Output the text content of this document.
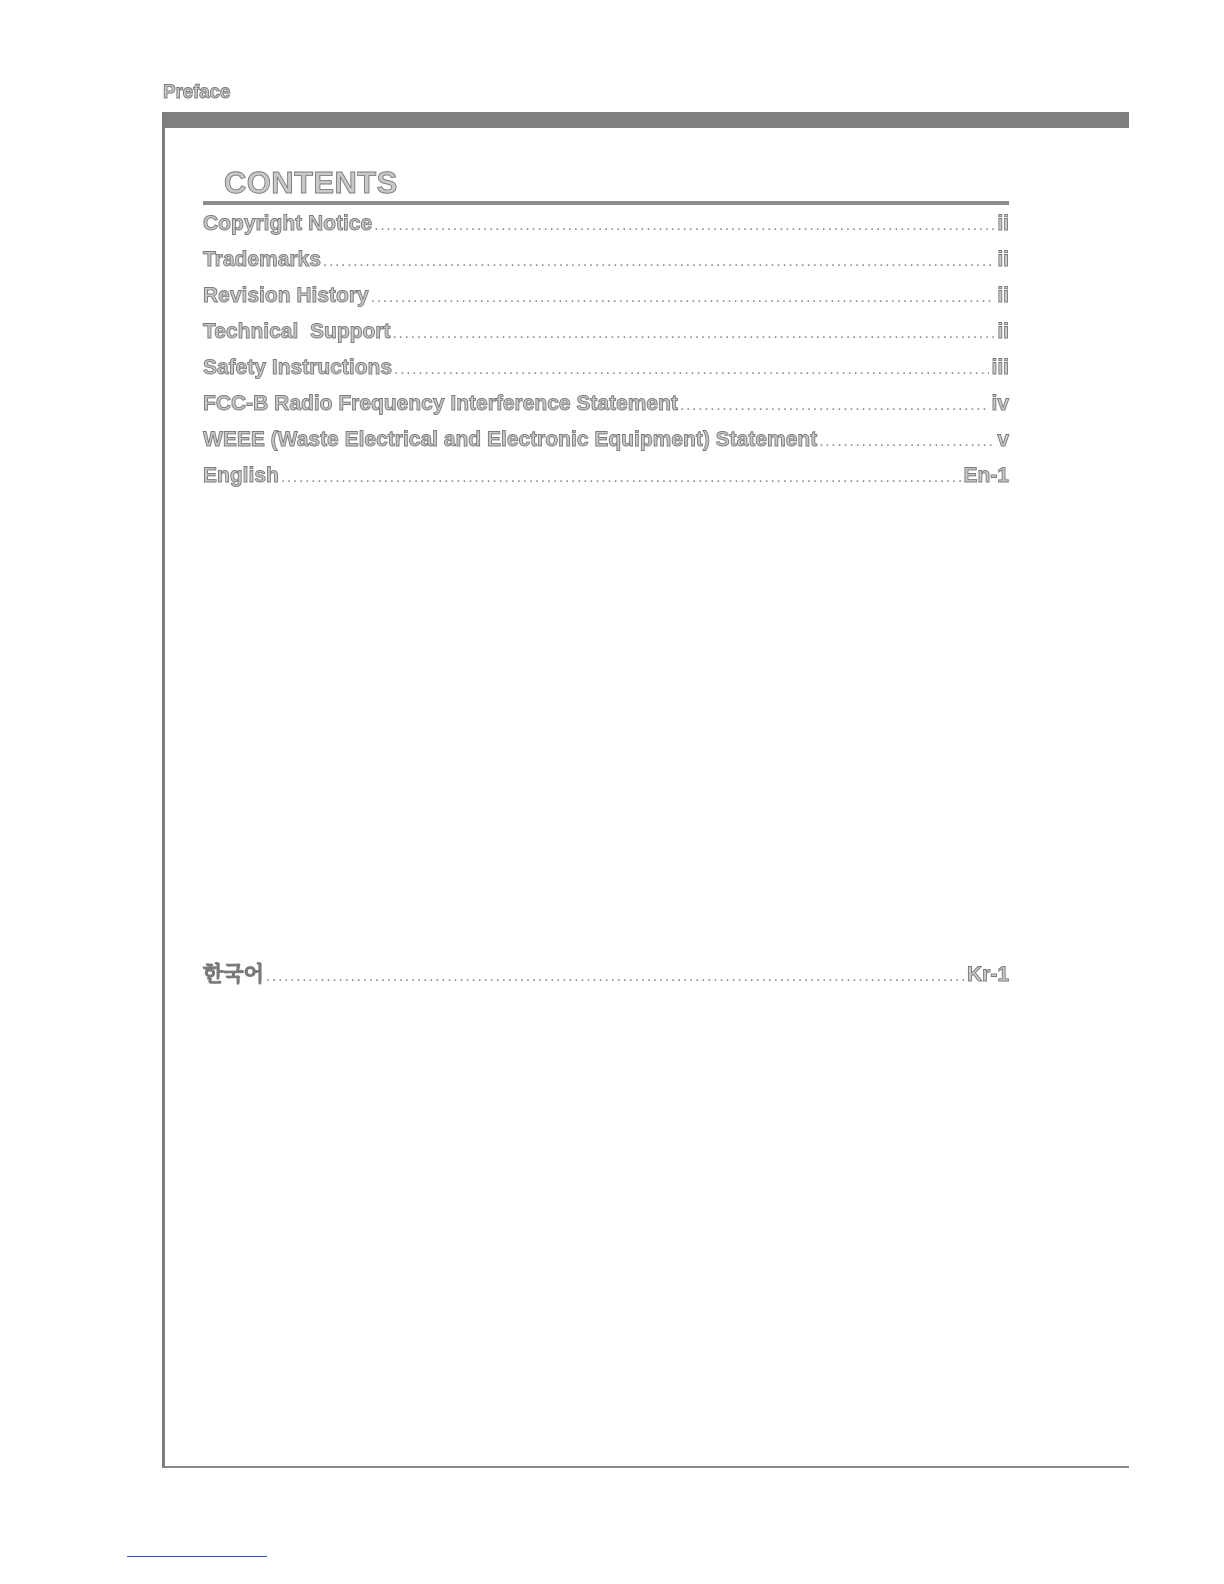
Preface
CONTENTS
Copyright Notice .....	ii
Trademarks .....	ii
Revision History .....	ii
Technical  Support .....	ii
Safety Instructions .....	iii
FCC-B Radio Frequency Interference Statement .....	iv
WEEE (Waste Electrical and Electronic Equipment) Statement .....	v
English .....	En-1
한국어 .....	Kr-1
